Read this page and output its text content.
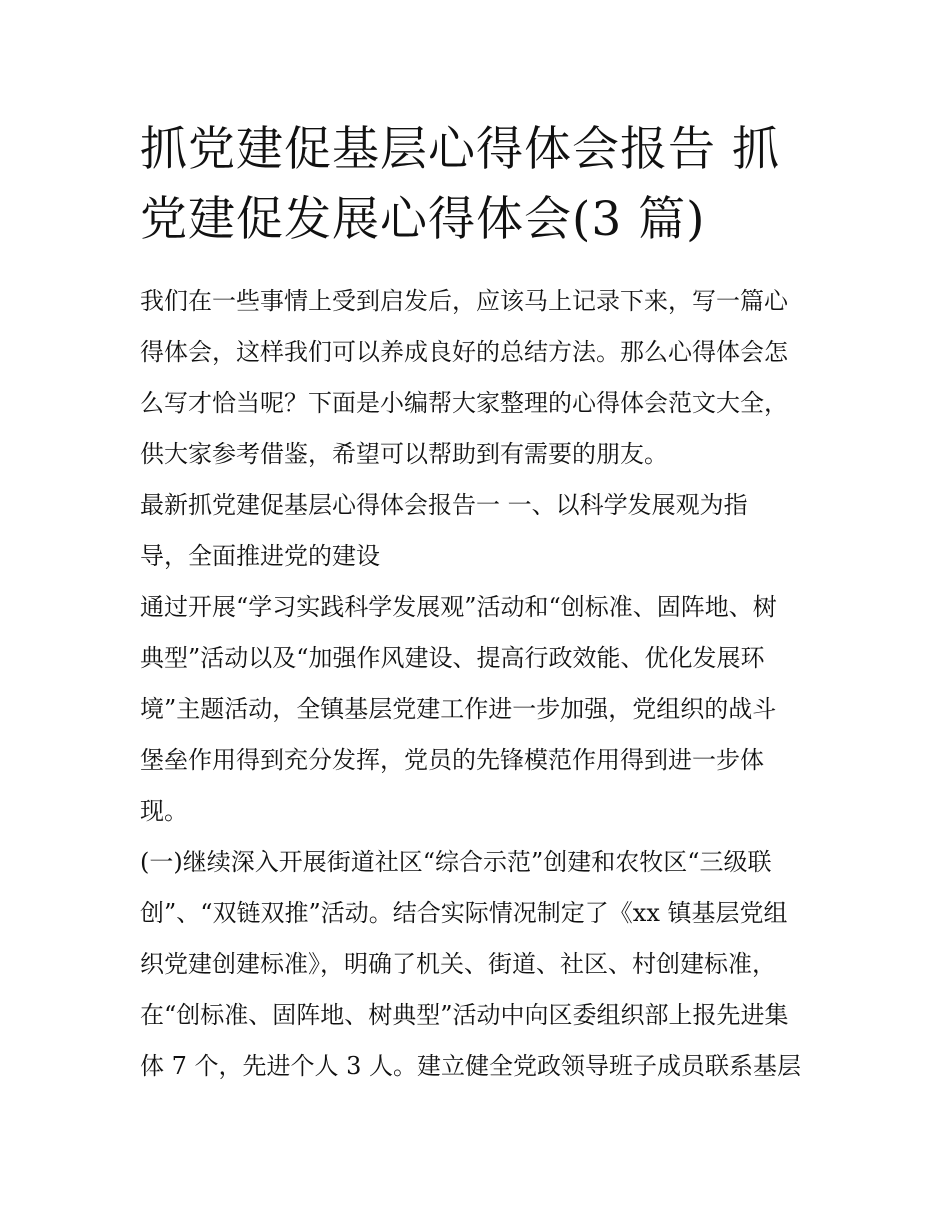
抓党建促基层心得体会报告 抓
党建促发展心得体会(3 篇)
我们在一些事情上受到启发后，应该马上记录下来，写一篇心
得体会，这样我们可以养成良好的总结方法。那么心得体会怎
么写才恰当呢？下面是小编帮大家整理的心得体会范文大全，
供大家参考借鉴，希望可以帮助到有需要的朋友。
最新抓党建促基层心得体会报告一 一、以科学发展观为指
导，全面推进党的建设
通过开展“学习实践科学发展观”活动和“创标准、固阵地、树
典型”活动以及“加强作风建设、提高行政效能、优化发展环
境”主题活动，全镇基层党建工作进一步加强，党组织的战斗
堡垒作用得到充分发挥，党员的先锋模范作用得到进一步体
现。
(一)继续深入开展街道社区“综合示范”创建和农牧区“三级联
创”、“双链双推”活动。结合实际情况制定了《xx 镇基层党组
织党建创建标准》，明确了机关、街道、社区、村创建标准，
在“创标准、固阵地、树典型”活动中向区委组织部上报先进集
体 7 个，先进个人 3 人。建立健全党政领导班子成员联系基层
